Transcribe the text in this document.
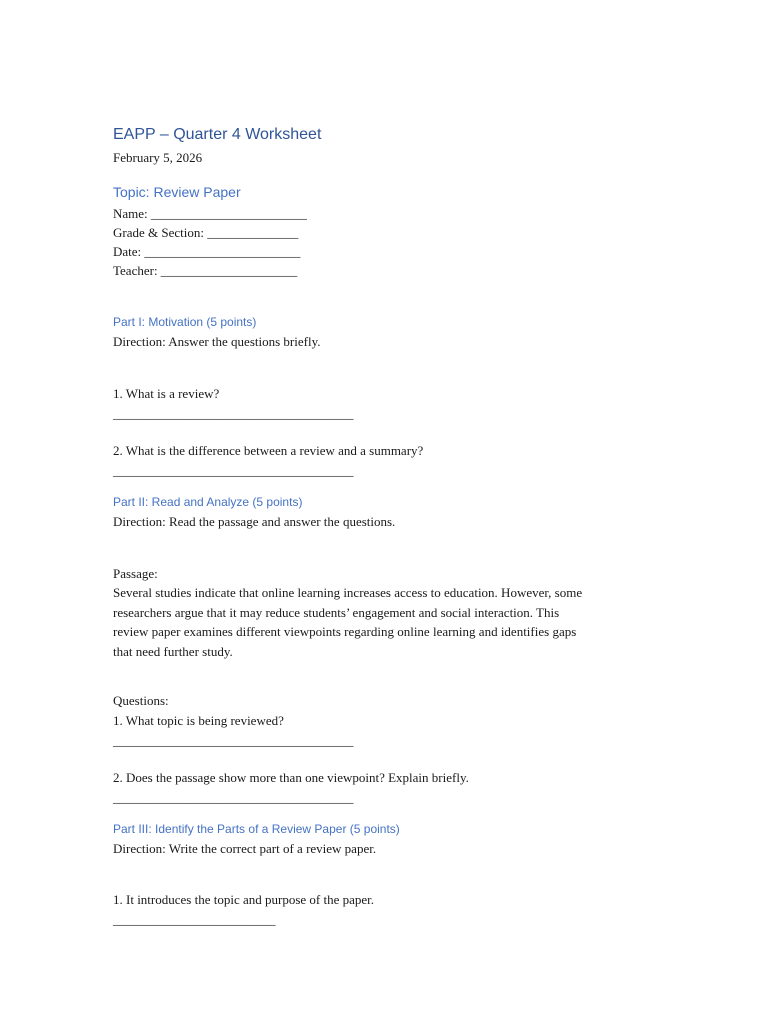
EAPP – Quarter 4 Worksheet
February 5, 2026
Topic: Review Paper
Name: ________________________
Grade & Section: ______________
Date: ________________________
Teacher: _____________________
Part I: Motivation (5 points)
Direction: Answer the questions briefly.
1. What is a review?
_____________________________________
2. What is the difference between a review and a summary?
_____________________________________
Part II: Read and Analyze (5 points)
Direction: Read the passage and answer the questions.
Passage:
Several studies indicate that online learning increases access to education. However, some
researchers argue that it may reduce students’ engagement and social interaction. This
review paper examines different viewpoints regarding online learning and identifies gaps
that need further study.
Questions:
1. What topic is being reviewed?
_____________________________________
2. Does the passage show more than one viewpoint? Explain briefly.
_____________________________________
Part III: Identify the Parts of a Review Paper (5 points)
Direction: Write the correct part of a review paper.
1. It introduces the topic and purpose of the paper.
_________________________
